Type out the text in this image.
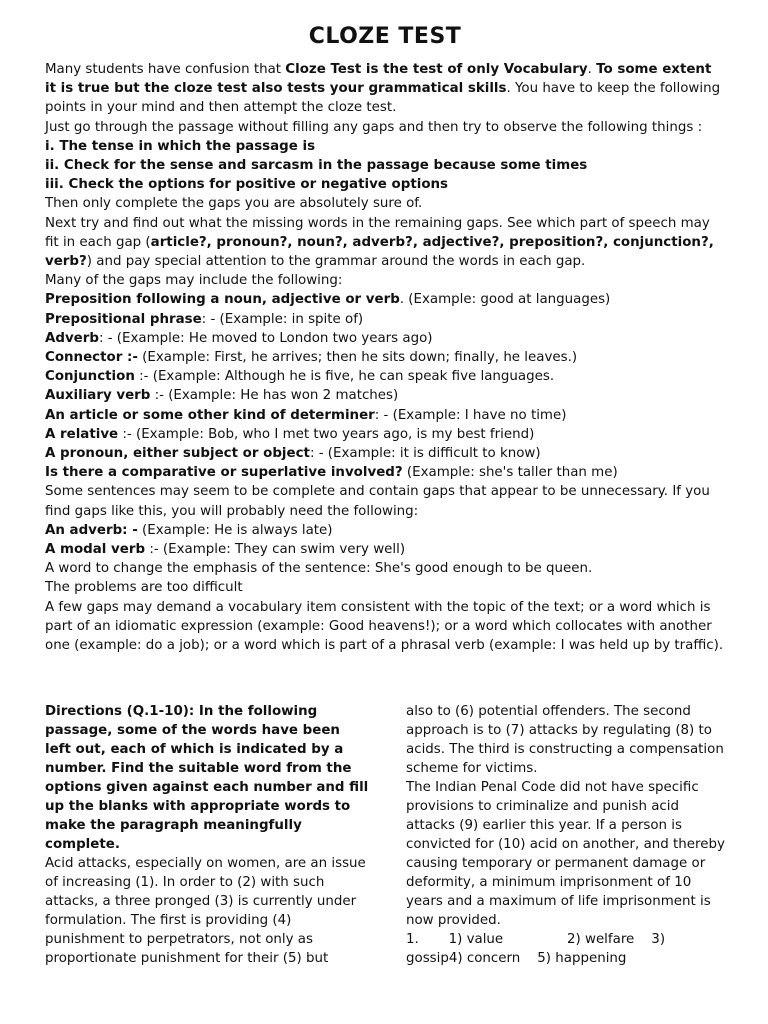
CLOZE TEST

Many students have confusion that Cloze Test is the test of only Vocabulary. To some extent it is true but the cloze test also tests your grammatical skills. You have to keep the following points in your mind and then attempt the cloze test.

Just go through the passage without filling any gaps and then try to observe the following things :

i. The tense in which the passage is

ii. Check for the sense and sarcasm in the passage because some times

iii. Check the options for positive or negative options

Then only complete the gaps you are absolutely sure of.

Next try and find out what the missing words in the remaining gaps. See which part of speech may fit in each gap (article?, pronoun?, noun?, adverb?, adjective?, preposition?, conjunction?, verb?) and pay special attention to the grammar around the words in each gap.

Many of the gaps may include the following:

Preposition following a noun, adjective or verb. (Example: good at languages)

Prepositional phrase: - (Example: in spite of)

Adverb: - (Example: He moved to London two years ago)

Connector :- (Example: First, he arrives; then he sits down; finally, he leaves.)

Conjunction :- (Example: Although he is five, he can speak five languages.

Auxiliary verb :- (Example: He has won 2 matches)

An article or some other kind of determiner: - (Example: I have no time)

A relative :- (Example: Bob, who I met two years ago, is my best friend)

A pronoun, either subject or object: - (Example: it is difficult to know)

Is there a comparative or superlative involved? (Example: she's taller than me)

Some sentences may seem to be complete and contain gaps that appear to be unnecessary. If you find gaps like this, you will probably need the following:

An adverb: - (Example: He is always late)

A modal verb :- (Example: They can swim very well)

A word to change the emphasis of the sentence: She's good enough to be queen.

The problems are too difficult

A few gaps may demand a vocabulary item consistent with the topic of the text; or a word which is part of an idiomatic expression (example: Good heavens!); or a word which collocates with another one (example: do a job); or a word which is part of a phrasal verb (example: I was held up by traffic).

Directions (Q.1-10): In the following passage, some of the words have been left out, each of which is indicated by a number. Find the suitable word from the options given against each number and fill up the blanks with appropriate words to make the paragraph meaningfully complete.

Acid attacks, especially on women, are an issue of increasing (1). In order to (2) with such attacks, a three pronged (3) is currently under formulation. The first is providing (4) punishment to perpetrators, not only as proportionate punishment for their (5) but

also to (6) potential offenders. The second approach is to (7) attacks by regulating (8) to acids. The third is constructing a compensation scheme for victims.

The Indian Penal Code did not have specific provisions to criminalize and punish acid attacks (9) earlier this year. If a person is convicted for (10) acid on another, and thereby causing temporary or permanent damage or deformity, a minimum imprisonment of 10 years and a maximum of life imprisonment is now provided.

1.       1) value               2) welfare    3)
gossip4) concern    5) happening
